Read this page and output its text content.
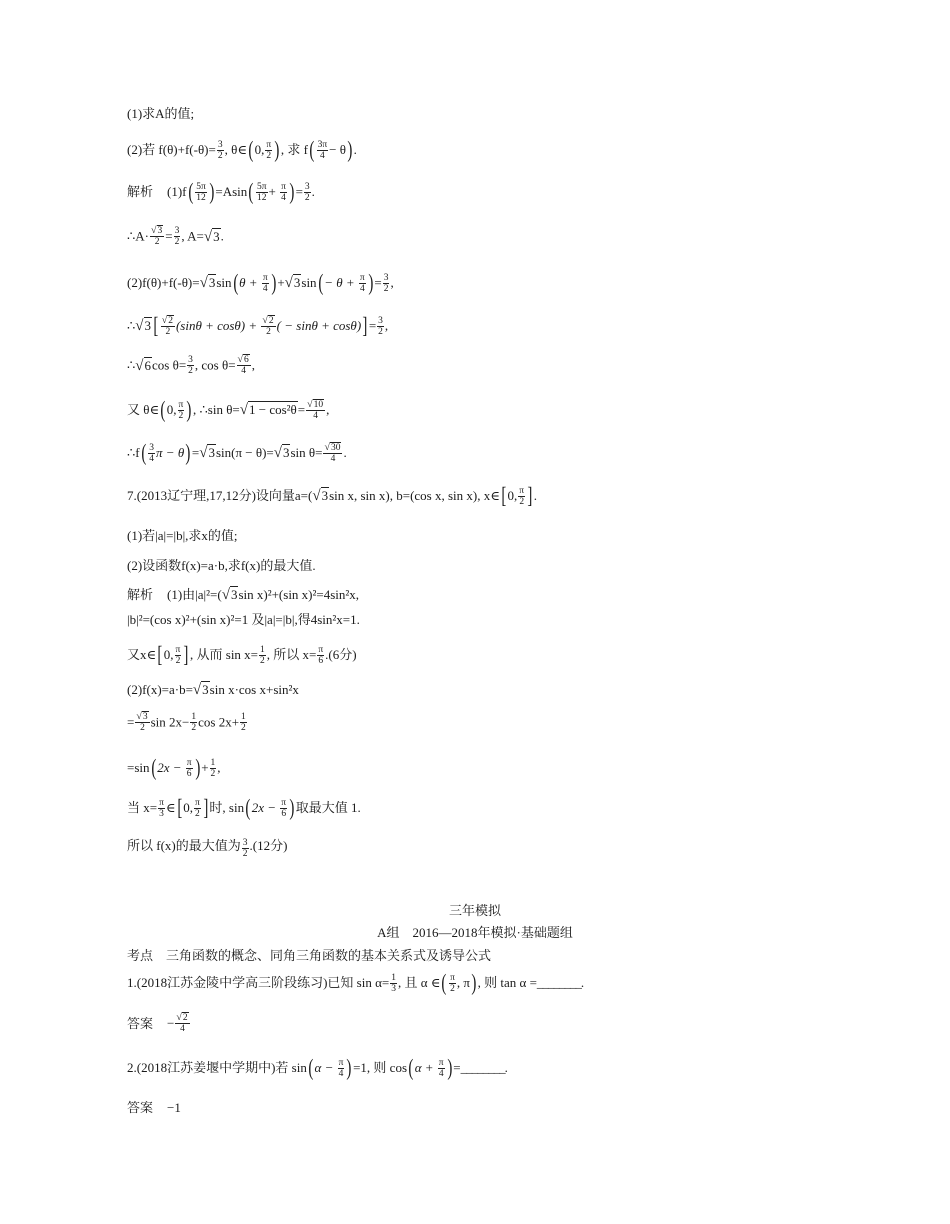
(1)求A的值;
(2)若 $f(\theta)+f(-\theta)= \frac{3}{2}$ , θ∈ ( 0, $\frac{\pi}{2}$ ) , 求 f ( $\frac{3\pi}{4} - \theta$ ) .
解析 (1)f ( $\frac{5\pi}{12}$ ) =Asin ( $\frac{5\pi}{12} + \frac{\pi}{4}$ ) = $\frac{3}{2}$ .
∴A· $\frac{√3}{2} = \frac{3}{2}$ , A= √3 .
(2)f(θ)+f(-θ)= √3 sin ( $\theta + \frac{\pi}{4}$ ) + √3 sin ( − $\theta + \frac{\pi}{4}$ ) = $\frac{3}{2}$ ,
∴ √3 [ $\frac{√2}{2} (\sin\theta + \cos\theta) + \frac{√2}{2}$ ( − sinθ + cosθ) ] = $\frac{3}{2}$ ,
∴ √6 $\cos \theta= \frac{3}{2}$ , $\cos \theta= \frac{√6}{4}$ ,
又 θ∈ ( 0, $\frac{\pi}{2}$ ) , ∴sin $\theta= √1 - \cos^2\theta = \frac{√10}{4}$ ,
∴f ( $\frac{3}{4}$ π − θ ) = √3 sin(π − θ)= √3 $\sin \theta= \frac{√30}{4}$ .
7.(2013辽宁理,17,12分)设向量a=( √3 sin x, sin x), b=(cos x, sin x), x∈ [ 0, $\frac{\pi}{2}$ ] .
(1)若|a|=|b|,求x的值;
(2)设函数f(x)=a·b,求f(x)的最大值.
解析 (1)由|a|²=( √3 sin x)²+(sin x)²=4sin²x,
|b|²=(cos x)²+(sin x)²=1 及|a|=|b|,得4sin²x=1.
又x∈ [ 0, $\frac{\pi}{2}$ ] , 从而 $\sin x= \frac{1}{2}$ , 所以 $x= \frac{\pi}{6} .(6$分)
(2)f(x)=a·b= √3 sin x·cos x+sin²x
= $\frac{√3}{2}$ $\sin 2x- \frac{1}{2}$ $\cos 2x+ \frac{1}{2}$
=sin ( $2x - \frac{\pi}{6}$ ) + $\frac{1}{2}$ ,
当 $x= \frac{\pi}{3}$ ∈ [ 0, $\frac{\pi}{2}$ ] 时, sin ( $2x - \frac{\pi}{6}$ ) 取最大值 1.
所以 f(x)的最大值为 $\frac{3}{2} .(12$分)
三年模拟
A组　2016—2018年模拟·基础题组
考点　三角函数的概念、同角三角函数的基本关系式及诱导公式
1.(2018江苏金陵中学高三阶段练习)已知 $\sin \alpha= \frac{1}{3}$ , 且 α ∈ ( $\frac{\pi}{2}$ , π ) , 则 tan α = ________ .
答案 − $\frac{√2}{4}$
2.(2018江苏姜堰中学期中)若 sin ( $\alpha - \frac{\pi}{4}$ ) =1, 则 cos ( $\alpha + \frac{\pi}{4}$ ) = ________ .
答案 −1
